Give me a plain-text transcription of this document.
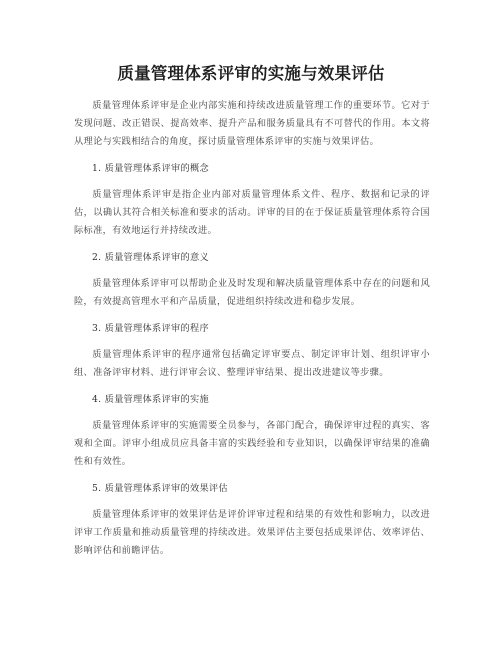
质量管理体系评审的实施与效果评估

质量管理体系评审是企业内部实施和持续改进质量管理工作的重要环节。它对于发现问题、改正错误、提高效率、提升产品和服务质量具有不可替代的作用。本文将从理论与实践相结合的角度，探讨质量管理体系评审的实施与效果评估。

1. 质量管理体系评审的概念

质量管理体系评审是指企业内部对质量管理体系文件、程序、数据和记录的评估，以确认其符合相关标准和要求的活动。评审的目的在于保证质量管理体系符合国际标准，有效地运行并持续改进。

2. 质量管理体系评审的意义

质量管理体系评审可以帮助企业及时发现和解决质量管理体系中存在的问题和风险，有效提高管理水平和产品质量，促进组织持续改进和稳步发展。

3. 质量管理体系评审的程序

质量管理体系评审的程序通常包括确定评审要点、制定评审计划、组织评审小组、准备评审材料、进行评审会议、整理评审结果、提出改进建议等步骤。

4. 质量管理体系评审的实施

质量管理体系评审的实施需要全员参与，各部门配合，确保评审过程的真实、客观和全面。评审小组成员应具备丰富的实践经验和专业知识，以确保评审结果的准确性和有效性。

5. 质量管理体系评审的效果评估

质量管理体系评审的效果评估是评价评审过程和结果的有效性和影响力，以改进评审工作质量和推动质量管理的持续改进。效果评估主要包括成果评估、效率评估、影响评估和前瞻评估。
